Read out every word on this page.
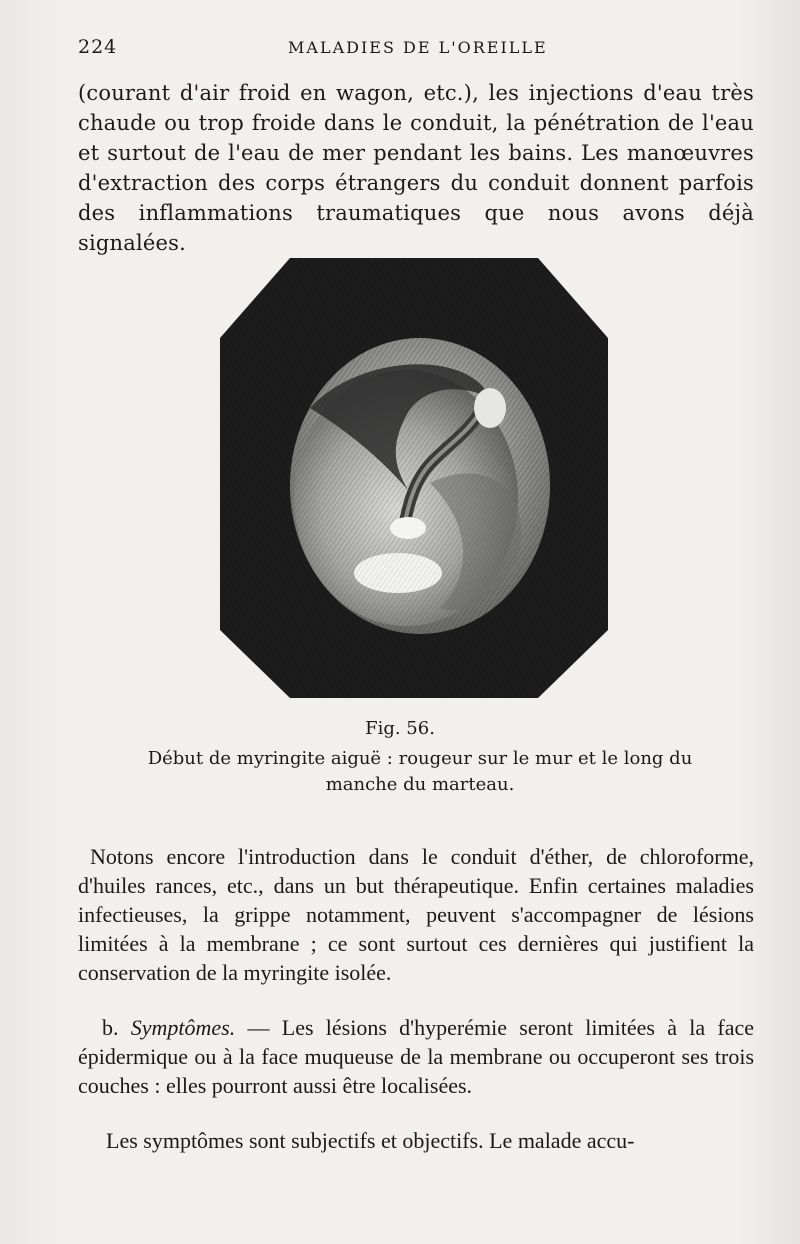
224	MALADIES DE L'OREILLE

(courant d'air froid en wagon, etc.), les injections d'eau très chaude ou trop froide dans le conduit, la pénétration de l'eau et surtout de l'eau de mer pendant les bains. Les manœuvres d'extraction des corps étrangers du conduit donnent parfois des inflammations traumatiques que nous avons déjà signalées.

Fig. 56.
Début de myringite aiguë : rougeur sur le mur et le long du manche du marteau.

Notons encore l'introduction dans le conduit d'éther, de chloroforme, d'huiles rances, etc., dans un but thérapeutique. Enfin certaines maladies infectieuses, la grippe notamment, peuvent s'accompagner de lésions limitées à la membrane ; ce sont surtout ces dernières qui justifient la conservation de la myringite isolée.

b. Symptômes. — Les lésions d'hyperémie seront limitées à la face épidermique ou à la face muqueuse de la membrane ou occuperont ses trois couches : elles pourront aussi être localisées.

Les symptômes sont subjectifs et objectifs. Le malade accu-
